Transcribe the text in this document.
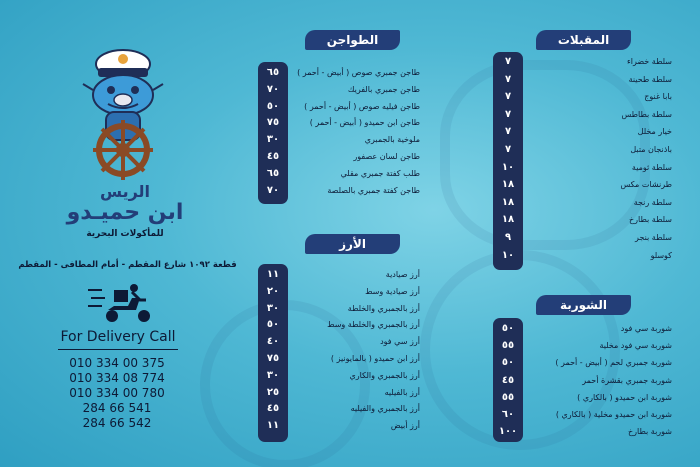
الريس
ابن حميـدو
للمأكولات البحرية
قطعة ١٠٩٢ شارع المقطم - أمام المطافى - المقطم
For Delivery Call
010 334 00 375
010 334 08 774
010 334 00 780
284 66 541
284 66 542
الطواجن
الأرز
المقبلات
الشوربة
طاجن جمبري صوص ( أبيض - أحمر )
٦٥
طاجن جمبري بالفريك
٧٠
طاجن فيليه صوص ( أبيض - أحمر )
٥٠
طاجن ابن حميدو ( أبيض - أحمر )
٧٥
ملوخية بالجمبري
٣٠
طاجن لسان عصفور
٤٥
طلب كفتة جمبري مقلي
٦٥
طاجن كفتة جمبري بالصلصة
٧٠
أرز صيادية
١١
أرز صيادية وسط
٢٠
أرز بالجمبري والخلطة
٣٠
أرز بالجمبري والخلطة وسط
٥٠
أرز سي فود
٤٠
أرز ابن حميدو ( بالمايونيز )
٧٥
أرز بالجمبري والكاري
٣٠
أرز بالفيليه
٢٥
أرز بالجمبري والفيليه
٤٥
أرز أبيض
١١
سلطة خضراء
٧
سلطة طحينة
٧
بابا غنوج
٧
سلطة بطاطس
٧
خيار مخلل
٧
باذنجان متبل
٧
سلطة ثومية
١٠
طرنشات مكس
١٨
سلطة رنجة
١٨
سلطة بطارخ
١٨
سلطة بنجر
٩
كوسلو
١٠
شوربة سي فود
٥٠
شوربة سي فود مخلية
٥٥
شوربة جمبري لحم ( أبيض - أحمر )
٥٠
شوربة جمبري بقشرة أحمر
٤٥
شوربة ابن حميدو ( بالكاري )
٥٥
شوربة ابن حميدو مخلية ( بالكاري )
٦٠
شوربة بطارخ
١٠٠
